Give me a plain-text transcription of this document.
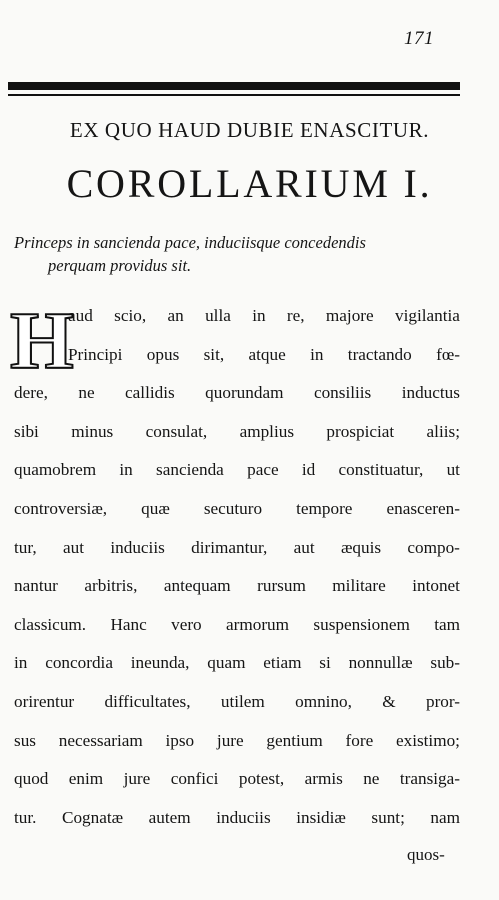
171
EX QUO HAUD DUBIE ENASCITUR.
COROLLARIUM I.
Princeps in sancienda pace, induciisque concedendis
perquam providus sit.
H
aud scio, an ulla in re, majore vigilantia
Principi opus sit, atque in tractando fœ-
dere, ne callidis quorundam consiliis inductus
sibi minus consulat, amplius prospiciat aliis;
quamobrem in sancienda pace id constituatur, ut
controversiæ, quæ secuturo tempore enasceren-
tur, aut induciis dirimantur, aut æquis compo-
nantur arbitris, antequam rursum militare intonet
classicum. Hanc vero armorum suspensionem tam
in concordia ineunda, quam etiam si nonnullæ sub-
orirentur difficultates, utilem omnino, & pror-
sus necessariam ipso jure gentium fore existimo;
quod enim jure confici potest, armis ne transiga-
tur. Cognatæ autem induciis insidiæ sunt; nam
quos-
